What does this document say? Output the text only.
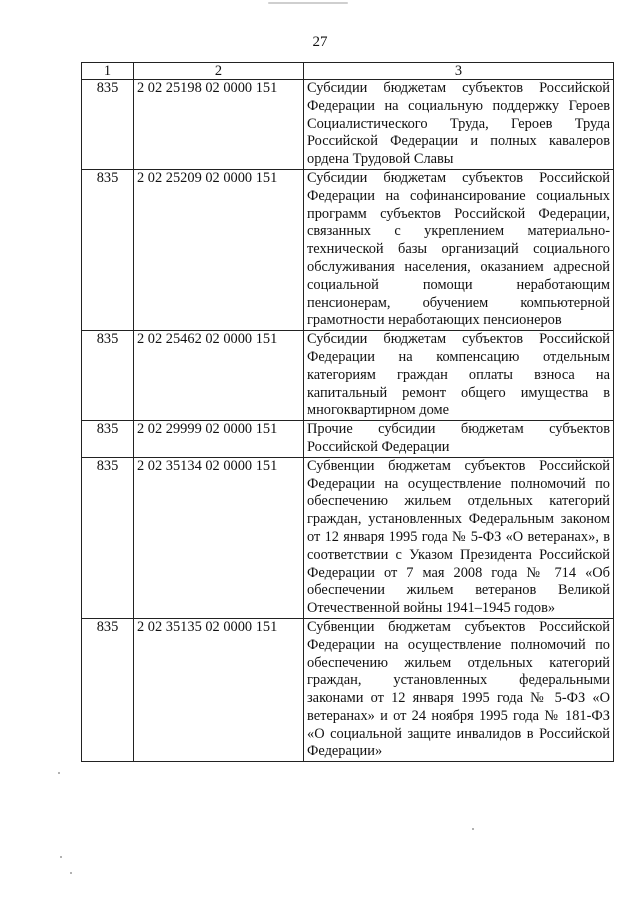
27
1	2	3
835	2 02 25198 02 0000 151	Субсидии бюджетам субъектов Российской Федерации на социальную поддержку Героев Социалистического Труда, Героев Труда Российской Федерации и полных кавалеров ордена Трудовой Славы
835	2 02 25209 02 0000 151	Субсидии бюджетам субъектов Российской Федерации на софинансирование социальных программ субъектов Российской Федерации, связанных с укреплением материально-технической базы организаций социального обслуживания населения, оказанием адресной социальной помощи неработающим пенсионерам, обучением компьютерной грамотности неработающих пенсионеров
835	2 02 25462 02 0000 151	Субсидии бюджетам субъектов Российской Федерации на компенсацию отдельным категориям граждан оплаты взноса на капитальный ремонт общего имущества в многоквартирном доме
835	2 02 29999 02 0000 151	Прочие субсидии бюджетам субъектов Российской Федерации
835	2 02 35134 02 0000 151	Субвенции бюджетам субъектов Российской Федерации на осуществление полномочий по обеспечению жильем отдельных категорий граждан, установленных Федеральным законом от 12 января 1995 года № 5-ФЗ «О ветеранах», в соответствии с Указом Президента Российской Федерации от 7 мая 2008 года № 714 «Об обеспечении жильем ветеранов Великой Отечественной войны 1941–1945 годов»
835	2 02 35135 02 0000 151	Субвенции бюджетам субъектов Российской Федерации на осуществление полномочий по обеспечению жильем отдельных категорий граждан, установленных федеральными законами от 12 января 1995 года № 5-ФЗ «О ветеранах» и от 24 ноября 1995 года № 181-ФЗ «О социальной защите инвалидов в Российской Федерации»
